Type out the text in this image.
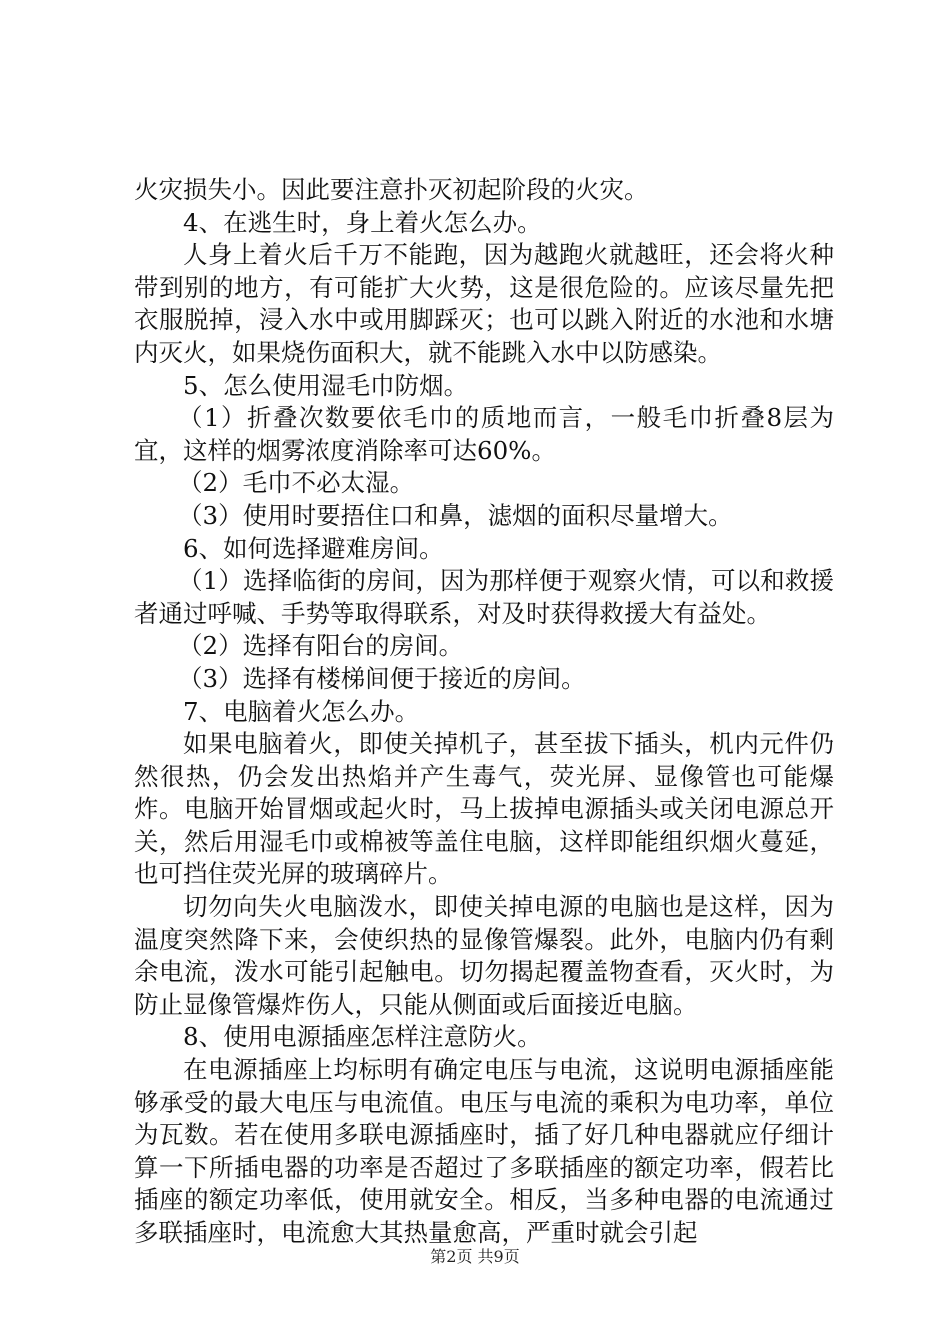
火灾损失小。因此要注意扑灭初起阶段的火灾。

4、在逃生时，身上着火怎么办。

人身上着火后千万不能跑，因为越跑火就越旺，还会将火种带到别的地方，有可能扩大火势，这是很危险的。应该尽量先把衣服脱掉，浸入水中或用脚踩灭；也可以跳入附近的水池和水塘内灭火，如果烧伤面积大，就不能跳入水中以防感染。

5、怎么使用湿毛巾防烟。

（1）折叠次数要依毛巾的质地而言，一般毛巾折叠8层为宜，这样的烟雾浓度消除率可达60%。

（2）毛巾不必太湿。

（3）使用时要捂住口和鼻，滤烟的面积尽量增大。

6、如何选择避难房间。

（1）选择临街的房间，因为那样便于观察火情，可以和救援者通过呼喊、手势等取得联系，对及时获得救援大有益处。

（2）选择有阳台的房间。

（3）选择有楼梯间便于接近的房间。

7、电脑着火怎么办。

如果电脑着火，即使关掉机子，甚至拔下插头，机内元件仍然很热，仍会发出热焰并产生毒气，荧光屏、显像管也可能爆炸。电脑开始冒烟或起火时，马上拔掉电源插头或关闭电源总开关，然后用湿毛巾或棉被等盖住电脑，这样即能组织烟火蔓延，也可挡住荧光屏的玻璃碎片。

切勿向失火电脑泼水，即使关掉电源的电脑也是这样，因为温度突然降下来，会使织热的显像管爆裂。此外，电脑内仍有剩余电流，泼水可能引起触电。切勿揭起覆盖物查看，灭火时，为防止显像管爆炸伤人，只能从侧面或后面接近电脑。

8、使用电源插座怎样注意防火。

在电源插座上均标明有确定电压与电流，这说明电源插座能够承受的最大电压与电流值。电压与电流的乘积为电功率，单位为瓦数。若在使用多联电源插座时，插了好几种电器就应仔细计算一下所插电器的功率是否超过了多联插座的额定功率，假若比插座的额定功率低，使用就安全。相反，当多种电器的电流通过多联插座时，电流愈大其热量愈高，严重时就会引起

第2页 共9页
